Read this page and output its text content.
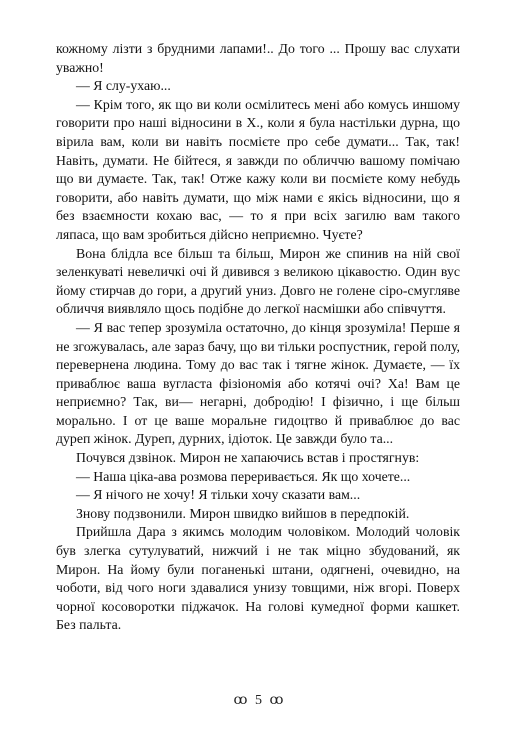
кожному лізти з брудними лапами!.. До того ... Прошу вас слухати уважно!

— Я слу-ухаю...

— Крім того, як що ви коли осмілитесь мені або комусь иншому говорити про наші відносини в Х., коли я була настільки дурна, що вірила вам, коли ви навіть посмієте про себе думати... Так, так! Навіть, думати. Не бійтеся, я завжди по обличчю вашому помічаю що ви думаєте. Так, так! Отже кажу коли ви посмієте кому небудь говорити, або навіть думати, що між нами є якісь відносини, що я без взаємности кохаю вас, — то я при всіх загилю вам такого ляпаса, що вам зробиться дійсно неприємно. Чуєте?

Вона блідла все більш та більш, Мирон же спинив на ній свої зеленкуваті невеличкі очі й дивився з великою цікавостю. Один вус йому стирчав до гори, а другий униз. Довго не голене сіро-смугляве обличчя виявляло щось подібне до легкої насмішки або співчуття.

— Я вас тепер зрозуміла остаточно, до кінця зрозуміла! Перше я не згожувалась, але зараз бачу, що ви тільки роспустник, герой полу, перевернена людина. Тому до вас так і тягне жінок. Думаєте, — їх приваблює ваша вугласта фізіономія або котячі очі? Ха! Вам це неприємно? Так, ви— негарні, добродію! І фізично, і ще більш морально. І от це ваше моральне гидоцтво й приваблює до вас дуреп жінок. Дуреп, дурних, ідіоток. Це завжди було та...

Почувся дзвінок. Мирон не хапаючись встав і простягнув:

— Наша ціка-ава розмова переривається. Як що хочете...

— Я нічого не хочу! Я тільки хочу сказати вам...

Знову подзвонили. Мирон швидко вийшов в передпокій.

Прийшла Дара з якимсь молодим чоловіком. Молодий чоловік був злегка сутулуватий, нижчий і не так міцно збудований, як Мирон. На йому були поганенькі штани, одягнені, очевидно, на чоботи, від чого ноги здавалися унизу товщими, ніж вгорі. Поверх чорної косоворотки піджачок. На голові кумедної форми кашкет. Без пальта.

ꝏ 5 ꝏ
